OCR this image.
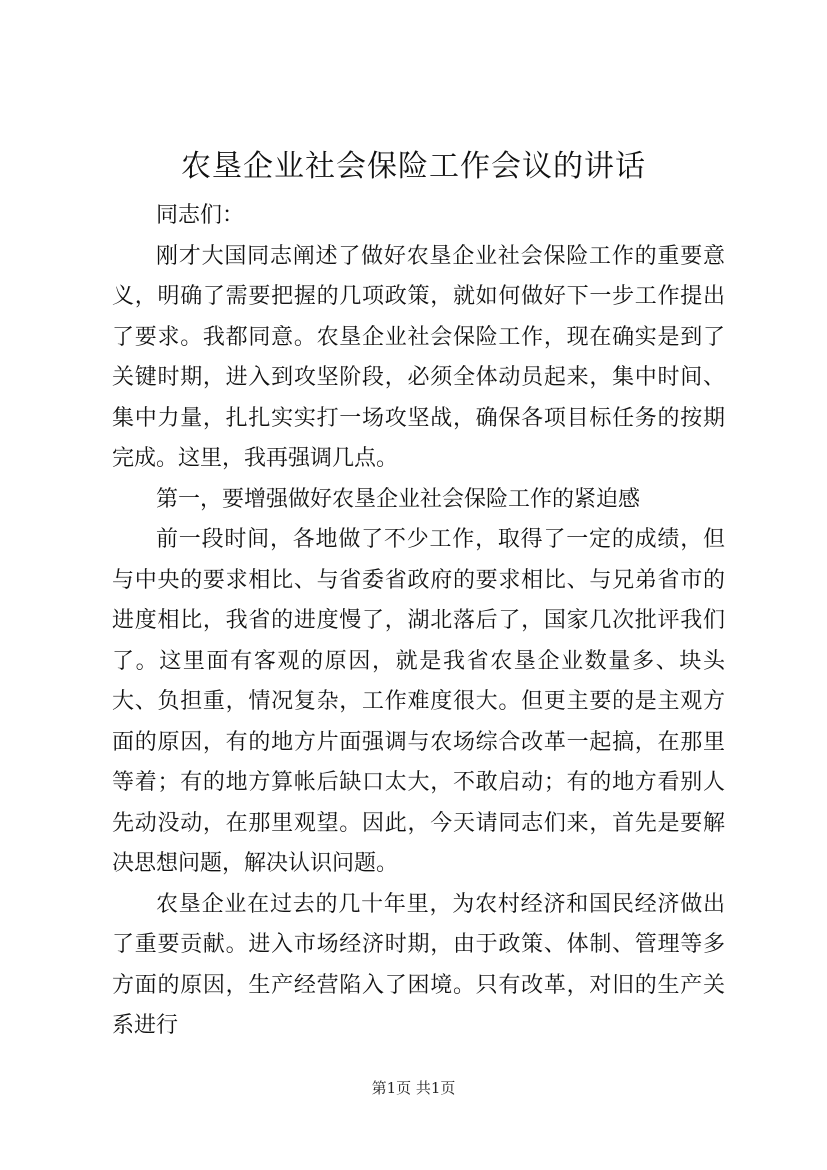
农垦企业社会保险工作会议的讲话

同志们：

刚才大国同志阐述了做好农垦企业社会保险工作的重要意义，明确了需要把握的几项政策，就如何做好下一步工作提出了要求。我都同意。农垦企业社会保险工作，现在确实是到了关键时期，进入到攻坚阶段，必须全体动员起来，集中时间、集中力量，扎扎实实打一场攻坚战，确保各项目标任务的按期完成。这里，我再强调几点。

第一，要增强做好农垦企业社会保险工作的紧迫感

前一段时间，各地做了不少工作，取得了一定的成绩，但与中央的要求相比、与省委省政府的要求相比、与兄弟省市的进度相比，我省的进度慢了，湖北落后了，国家几次批评我们了。这里面有客观的原因，就是我省农垦企业数量多、块头大、负担重，情况复杂，工作难度很大。但更主要的是主观方面的原因，有的地方片面强调与农场综合改革一起搞，在那里等着；有的地方算帐后缺口太大，不敢启动；有的地方看别人先动没动，在那里观望。因此，今天请同志们来，首先是要解决思想问题，解决认识问题。

农垦企业在过去的几十年里，为农村经济和国民经济做出了重要贡献。进入市场经济时期，由于政策、体制、管理等多方面的原因，生产经营陷入了困境。只有改革，对旧的生产关系进行

第1页 共1页
